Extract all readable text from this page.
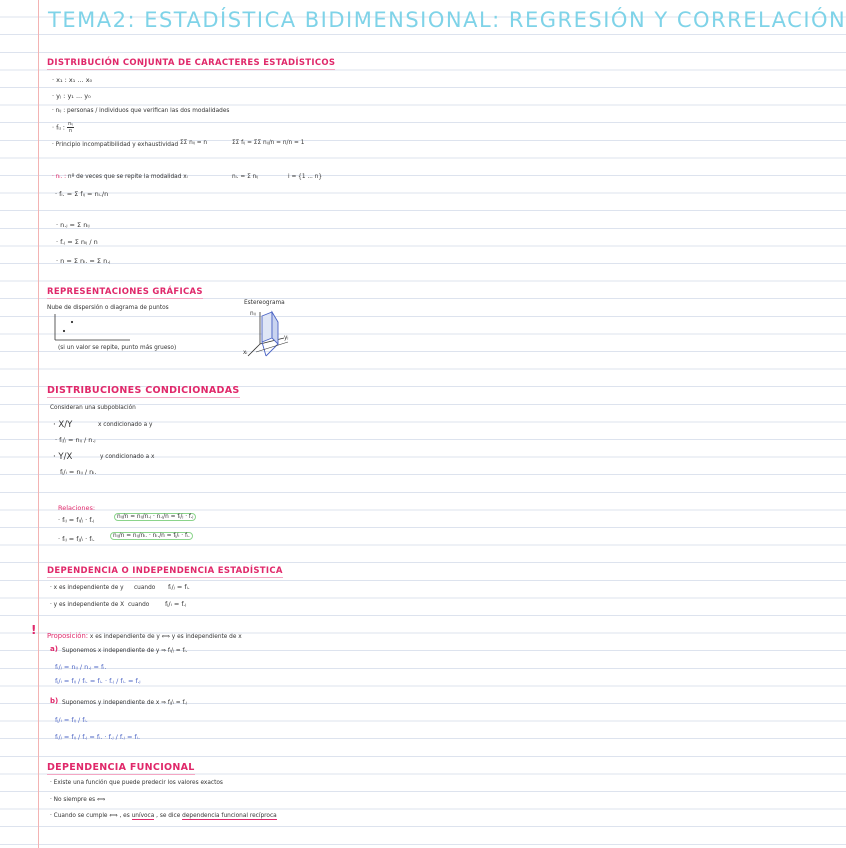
TEMA2: ESTADÍSTICA BIDIMENSIONAL: REGRESIÓN Y CORRELACIÓN
DISTRIBUCIÓN CONJUNTA DE CARACTERES ESTADÍSTICOS
· x₁ : x₁ ... x₀
· yⱼ : y₁ ... y₀
· nᵢⱼ : personas / individuos que verifican las dos modalidades
· fᵢⱼ : $\frac{\text{nᵢⱼ}}{n}$
· Principio incompatibilidad y exhaustividad ΣΣ nᵢⱼ = n	ΣΣ fᵢⱼ = ΣΣ nᵢⱼ/n = n/n = 1
· nᵢ. : nº de veces que se repite la modalidad xᵢ	nᵢ. = Σ nᵢⱼ	i = {1 ... n}
· fᵢ. = Σ fᵢⱼ = nᵢ./n
· n.ⱼ = Σ nᵢⱼ
· f.ⱼ = Σ nᵢⱼ / n
· n = Σ nᵢ. = Σ n.ⱼ
REPRESENTACIONES GRÁFICAS
Nube de dispersión o diagrama de puntos
(si un valor se repite, punto más grueso)
Estereograma
nᵢⱼ
xᵢ
yⱼ
DISTRIBUCIONES CONDICIONADAS
Consideran una subpoblación
· X/Y	x condicionado a y
· fᵢ/ⱼ = nᵢⱼ / n.ⱼ
· Y/X	y condicionado a x
fⱼ/ᵢ = nᵢⱼ / nᵢ.
Relaciones:
· fᵢⱼ = fᵢ/ⱼ · f.ⱼ	nᵢⱼ/n = nᵢⱼ/n.ⱼ · n.ⱼ/n = fᵢ/ⱼ · f.ⱼ
· fᵢⱼ = fⱼ/ᵢ · fᵢ.	nᵢⱼ/n = nᵢⱼ/nᵢ. · nᵢ./n = fⱼ/ᵢ · fᵢ.
DEPENDENCIA O INDEPENDENCIA ESTADÍSTICA
· x es independiente de y cuando fᵢ/ⱼ = fᵢ.
· y es independiente de X cuando fⱼ/ᵢ = f.ⱼ
! Proposición: x es independiente de y ⟺ y es independiente de x
a) Suponemos x independiente de y ⇒ fᵢ/ⱼ = fᵢ.
fᵢ/ⱼ = nᵢⱼ / n.ⱼ = fᵢ.
fⱼ/ᵢ = fᵢⱼ / fᵢ. = fᵢ. · f.ⱼ / fᵢ. = f.ⱼ
b) Suponemos y independiente de x ⇒ fⱼ/ᵢ = f.ⱼ
fⱼ/ᵢ = fᵢⱼ / fᵢ.
fᵢ/ⱼ = fᵢⱼ / f.ⱼ = fᵢ. · f.ⱼ / f.ⱼ = fᵢ.
DEPENDENCIA FUNCIONAL
· Existe una función que puede predecir los valores exactos
· No siempre es ⟺
· Cuando se cumple ⟺ , es unívoca , se dice dependencia funcional recíproca
